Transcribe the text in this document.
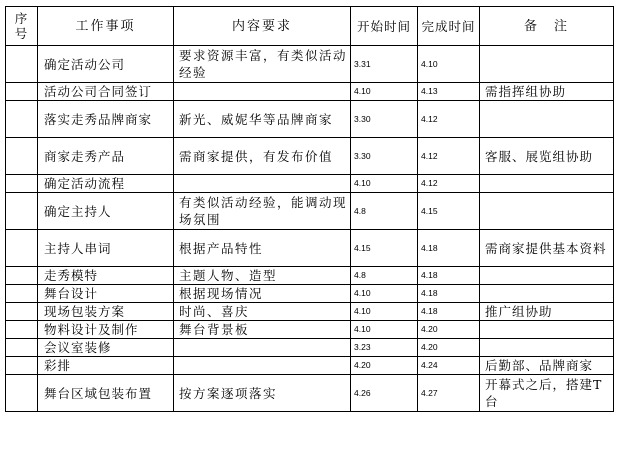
序号	工作事项	内容要求	开始时间	完成时间	备　注
	确定活动公司	要求资源丰富，有类似活动经验	3.31	4.10	
	活动公司合同签订		4.10	4.13	需指挥组协助
	落实走秀品牌商家	新光、威妮华等品牌商家	3.30	4.12	
	商家走秀产品	需商家提供，有发布价值	3.30	4.12	客服、展览组协助
	确定活动流程		4.10	4.12	
	确定主持人	有类似活动经验，能调动现场氛围	4.8	4.15	
	主持人串词	根据产品特性	4.15	4.18	需商家提供基本资料
	走秀模特	主题人物、造型	4.8	4.18	
	舞台设计	根据现场情况	4.10	4.18	
	现场包装方案	时尚、喜庆	4.10	4.18	推广组协助
	物料设计及制作	舞台背景板	4.10	4.20	
	会议室装修		3.23	4.20	
	彩排		4.20	4.24	后勤部、品牌商家
	舞台区域包装布置	按方案逐项落实	4.26	4.27	开幕式之后，搭建T台
